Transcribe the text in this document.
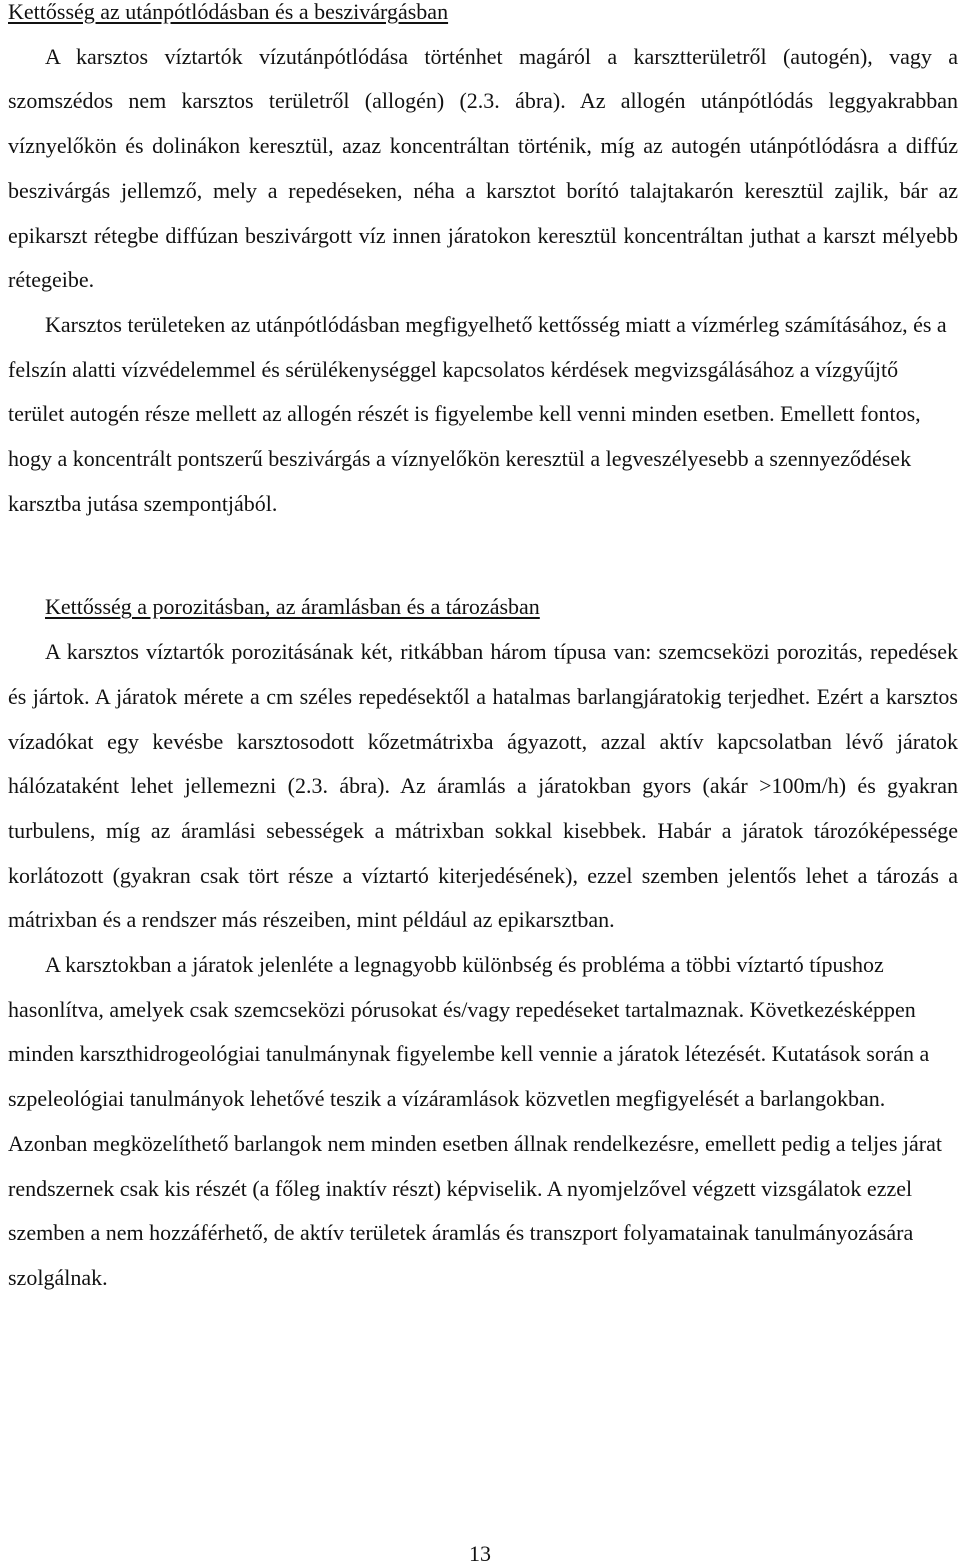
Kettősség az utánpótlódásban és a beszivárgásban

A karsztos víztartók vízutánpótlódása történhet magáról a karsztterületről (autogén), vagy a szomszédos nem karsztos területről (allogén) (2.3. ábra). Az allogén utánpótlódás leggyakrabban víznyelőkön és dolinákon keresztül, azaz koncentráltan történik, míg az autogén utánpótlódásra a diffúz beszivárgás jellemző, mely a repedéseken, néha a karsztot borító talajtakarón keresztül zajlik, bár az epikarszt rétegbe diffúzan beszivárgott víz innen járatokon keresztül koncentráltan juthat a karszt mélyebb rétegeibe.

Karsztos területeken az utánpótlódásban megfigyelhető kettősség miatt a vízmérleg számításához, és a felszín alatti vízvédelemmel és sérülékenységgel kapcsolatos kérdések megvizsgálásához a vízgyűjtő terület autogén része mellett az allogén részét is figyelembe kell venni minden esetben. Emellett fontos, hogy a koncentrált pontszerű beszivárgás a víznyelőkön keresztül a legveszélyesebb a szennyeződések karsztba jutása szempontjából.

Kettősség a porozitásban, az áramlásban és a tározásban

A karsztos víztartók porozitásának két, ritkábban három típusa van: szemcseközi porozitás, repedések és jártok. A járatok mérete a cm széles repedésektől a hatalmas barlangjáratokig terjedhet. Ezért a karsztos vízadókat egy kevésbe karsztosodott kőzetmátrixba ágyazott, azzal aktív kapcsolatban lévő járatok hálózataként lehet jellemezni (2.3. ábra). Az áramlás a járatokban gyors (akár >100m/h) és gyakran turbulens, míg az áramlási sebességek a mátrixban sokkal kisebbek. Habár a járatok tározóképessége korlátozott (gyakran csak tört része a víztartó kiterjedésének), ezzel szemben jelentős lehet a tározás a mátrixban és a rendszer más részeiben, mint például az epikarsztban.

A karsztokban a járatok jelenléte a legnagyobb különbség és probléma a többi víztartó típushoz hasonlítva, amelyek csak szemcseközi pórusokat és/vagy repedéseket tartalmaznak. Következésképpen minden karszthidrogeológiai tanulmánynak figyelembe kell vennie a járatok létezését. Kutatások során a szpeleológiai tanulmányok lehetővé teszik a vízáramlások közvetlen megfigyelését a barlangokban. Azonban megközelíthető barlangok nem minden esetben állnak rendelkezésre, emellett pedig a teljes járat rendszernek csak kis részét (a főleg inaktív részt) képviselik. A nyomjelzővel végzett vizsgálatok ezzel szemben a nem hozzáférhető, de aktív területek áramlás és transzport folyamatainak tanulmányozására szolgálnak.

13
